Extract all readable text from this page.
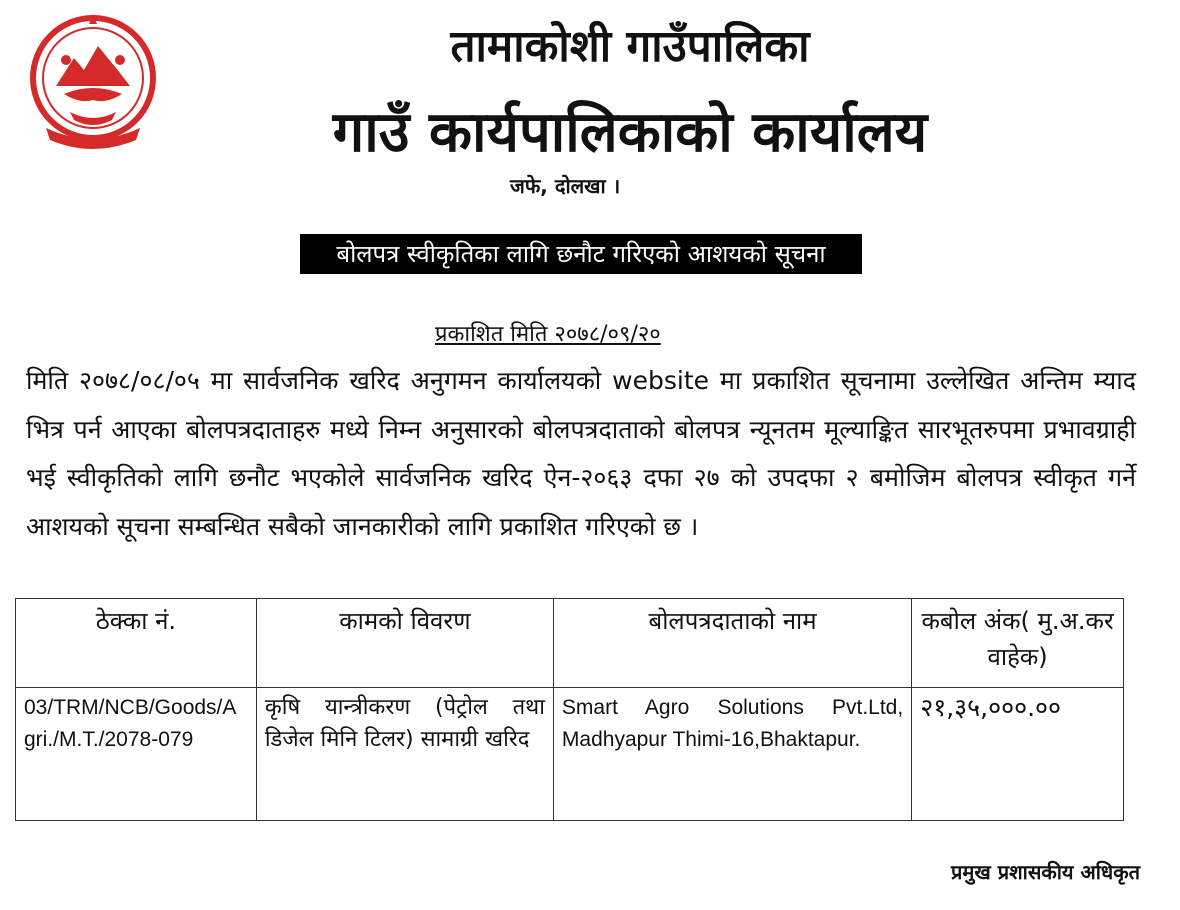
तामाकोशी गाउँपालिका
गाउँ कार्यपालिकाको कार्यालय
जफे, दोलखा ।
बोलपत्र स्वीकृतिका लागि छनौट गरिएको आशयको सूचना
प्रकाशित मिति २०७८/०९/२०
मिति २०७८/०८/०५ मा सार्वजनिक खरिद अनुगमन कार्यालयको website मा प्रकाशित सूचनामा उल्लेखित अन्तिम म्याद भित्र पर्न आएका बोलपत्रदाताहरु मध्ये निम्न अनुसारको बोलपत्रदाताको बोलपत्र न्यूनतम मूल्याङ्कित सारभूतरुपमा प्रभावग्राही भई स्वीकृतिको लागि छनौट भएकोले सार्वजनिक खरिद ऐन-२०६३ दफा २७ को उपदफा २ बमोजिम बोलपत्र स्वीकृत गर्ने आशयको सूचना सम्बन्धित सबैको जानकारीको लागि प्रकाशित गरिएको छ ।
ठेक्का नं.	कामको विवरण	बोलपत्रदाताको नाम	कबोल अंक( मु.अ.कर वाहेक)
03/TRM/NCB/Goods/Agri./M.T./2078-079	कृषि यान्त्रीकरण (पेट्रोल तथा डिजेल मिनि टिलर) सामाग्री खरिद	Smart Agro Solutions Pvt.Ltd, Madhyapur Thimi-16,Bhaktapur.	२१,३५,०००.००
प्रमुख प्रशासकीय अधिकृत
